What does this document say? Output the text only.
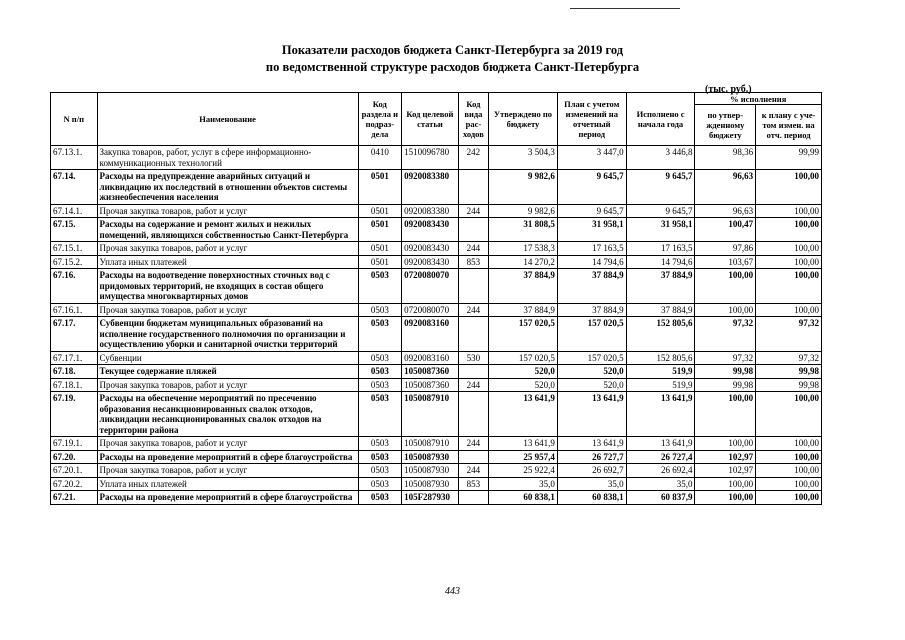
Показатели расходов бюджета Санкт-Петербурга за 2019 год
по ведомственной структуре расходов бюджета Санкт-Петербурга
(тыс. руб.)
N п/п	Наименование	Код раздела и подраз-дела	Код целевой статьи	Код вида рас-ходов	Утверждено по бюджету	План с учетом изменений на отчетный период	Исполнено с начала года	% исполнения	
								по утвер-жденному бюджету	к плану с уче-том измен. на отч. период
67.13.1.	Закупка товаров, работ, услуг в сфере информационно-коммуникационных технологий	0410	1510096780	242	3 504,3	3 447,0	3 446,8	98,36	99,99
67.14.	Расходы на предупреждение аварийных ситуаций и ликвидацию их последствий в отношении объектов системы жизнеобеспечения населения	0501	0920083380		9 982,6	9 645,7	9 645,7	96,63	100,00
67.14.1.	Прочая закупка товаров, работ и услуг	0501	0920083380	244	9 982,6	9 645,7	9 645,7	96,63	100,00
67.15.	Расходы на содержание и ремонт жилых и нежилых помещений, являющихся собственностью Санкт-Петербурга	0501	0920083430		31 808,5	31 958,1	31 958,1	100,47	100,00
67.15.1.	Прочая закупка товаров, работ и услуг	0501	0920083430	244	17 538,3	17 163,5	17 163,5	97,86	100,00
67.15.2.	Уплата иных платежей	0501	0920083430	853	14 270,2	14 794,6	14 794,6	103,67	100,00
67.16.	Расходы на водоотведение поверхностных сточных вод с придомовых территорий, не входящих в состав общего имущества многоквартирных домов	0503	0720080070		37 884,9	37 884,9	37 884,9	100,00	100,00
67.16.1.	Прочая закупка товаров, работ и услуг	0503	0720080070	244	37 884,9	37 884,9	37 884,9	100,00	100,00
67.17.	Субвенции бюджетам муниципальных образований на исполнение государственного полномочия по организации и осуществлению уборки и санитарной очистки территорий	0503	0920083160		157 020,5	157 020,5	152 805,6	97,32	97,32
67.17.1.	Субвенции	0503	0920083160	530	157 020,5	157 020,5	152 805,6	97,32	97,32
67.18.	Текущее содержание пляжей	0503	1050087360		520,0	520,0	519,9	99,98	99,98
67.18.1.	Прочая закупка товаров, работ и услуг	0503	1050087360	244	520,0	520,0	519,9	99,98	99,98
67.19.	Расходы на обеспечение мероприятий по пресечению образования несанкционированных свалок отходов, ликвидации несанкционированных свалок отходов на территории района	0503	1050087910		13 641,9	13 641,9	13 641,9	100,00	100,00
67.19.1.	Прочая закупка товаров, работ и услуг	0503	1050087910	244	13 641,9	13 641,9	13 641,9	100,00	100,00
67.20.	Расходы на проведение мероприятий в сфере благоустройства	0503	1050087930		25 957,4	26 727,7	26 727,4	102,97	100,00
67.20.1.	Прочая закупка товаров, работ и услуг	0503	1050087930	244	25 922,4	26 692,7	26 692,4	102,97	100,00
67.20.2.	Уплата иных платежей	0503	1050087930	853	35,0	35,0	35,0	100,00	100,00
67.21.	Расходы на проведение мероприятий в сфере благоустройства	0503	105F287930		60 838,1	60 838,1	60 837,9	100,00	100,00
443
